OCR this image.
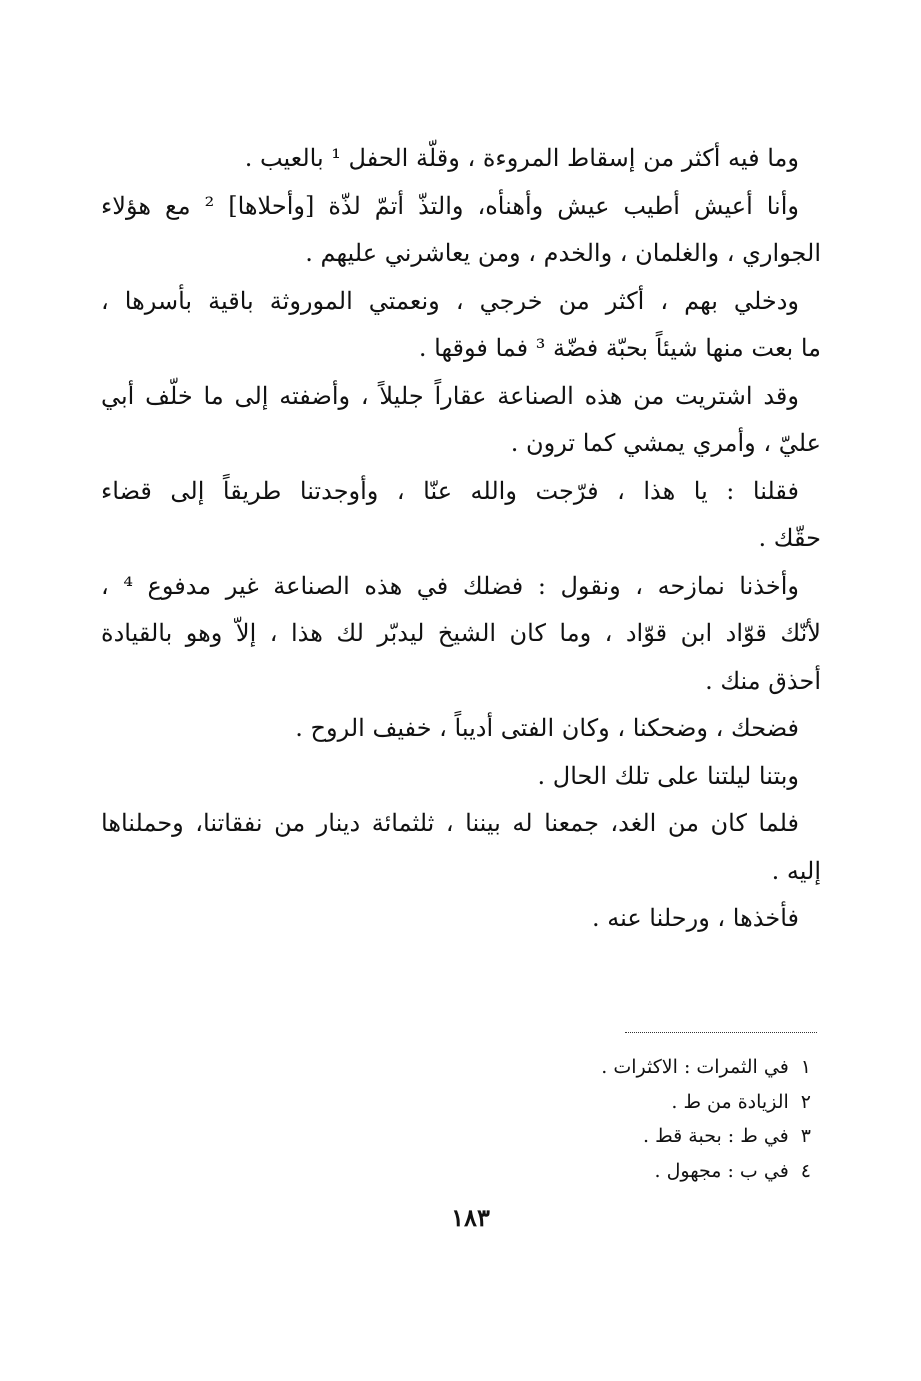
وما فيه أكثر من إسقاط المروءة ، وقلّة الحفل ¹ بالعيب .
وأنا أعيش أطيب عيش وأهنأه، والتذّ أتمّ لذّة [وأحلاها] ² مع هؤلاء
الجواري ، والغلمان ، والخدم ، ومن يعاشرني عليهم .
ودخلي بهم ، أكثر من خرجي ، ونعمتي الموروثة باقية بأسرها ،
ما بعت منها شيئاً بحبّة فضّة ³ فما فوقها .
وقد اشتريت من هذه الصناعة عقاراً جليلاً ، وأضفته إلى ما خلّف أبي
عليّ ، وأمري يمشي كما ترون .
فقلنا : يا هذا ، فرّجت والله عنّا ، وأوجدتنا طريقاً إلى قضاء
حقّك .
وأخذنا نمازحه ، ونقول : فضلك في هذه الصناعة غير مدفوع ⁴ ،
لأنّك قوّاد ابن قوّاد ، وما كان الشيخ ليدبّر لك هذا ، إلاّ وهو بالقيادة
أحذق منك .
فضحك ، وضحكنا ، وكان الفتى أديباً ، خفيف الروح .
وبتنا ليلتنا على تلك الحال .
فلما كان من الغد، جمعنا له بيننا ، ثلثمائة دينار من نفقاتنا، وحملناها
إليه .
فأخذها ، ورحلنا عنه .
١في الثمرات : الاكثرات .
٢الزيادة من ط .
٣في ط : بحبة قط .
٤في ب : مجهول .
١٨٣
